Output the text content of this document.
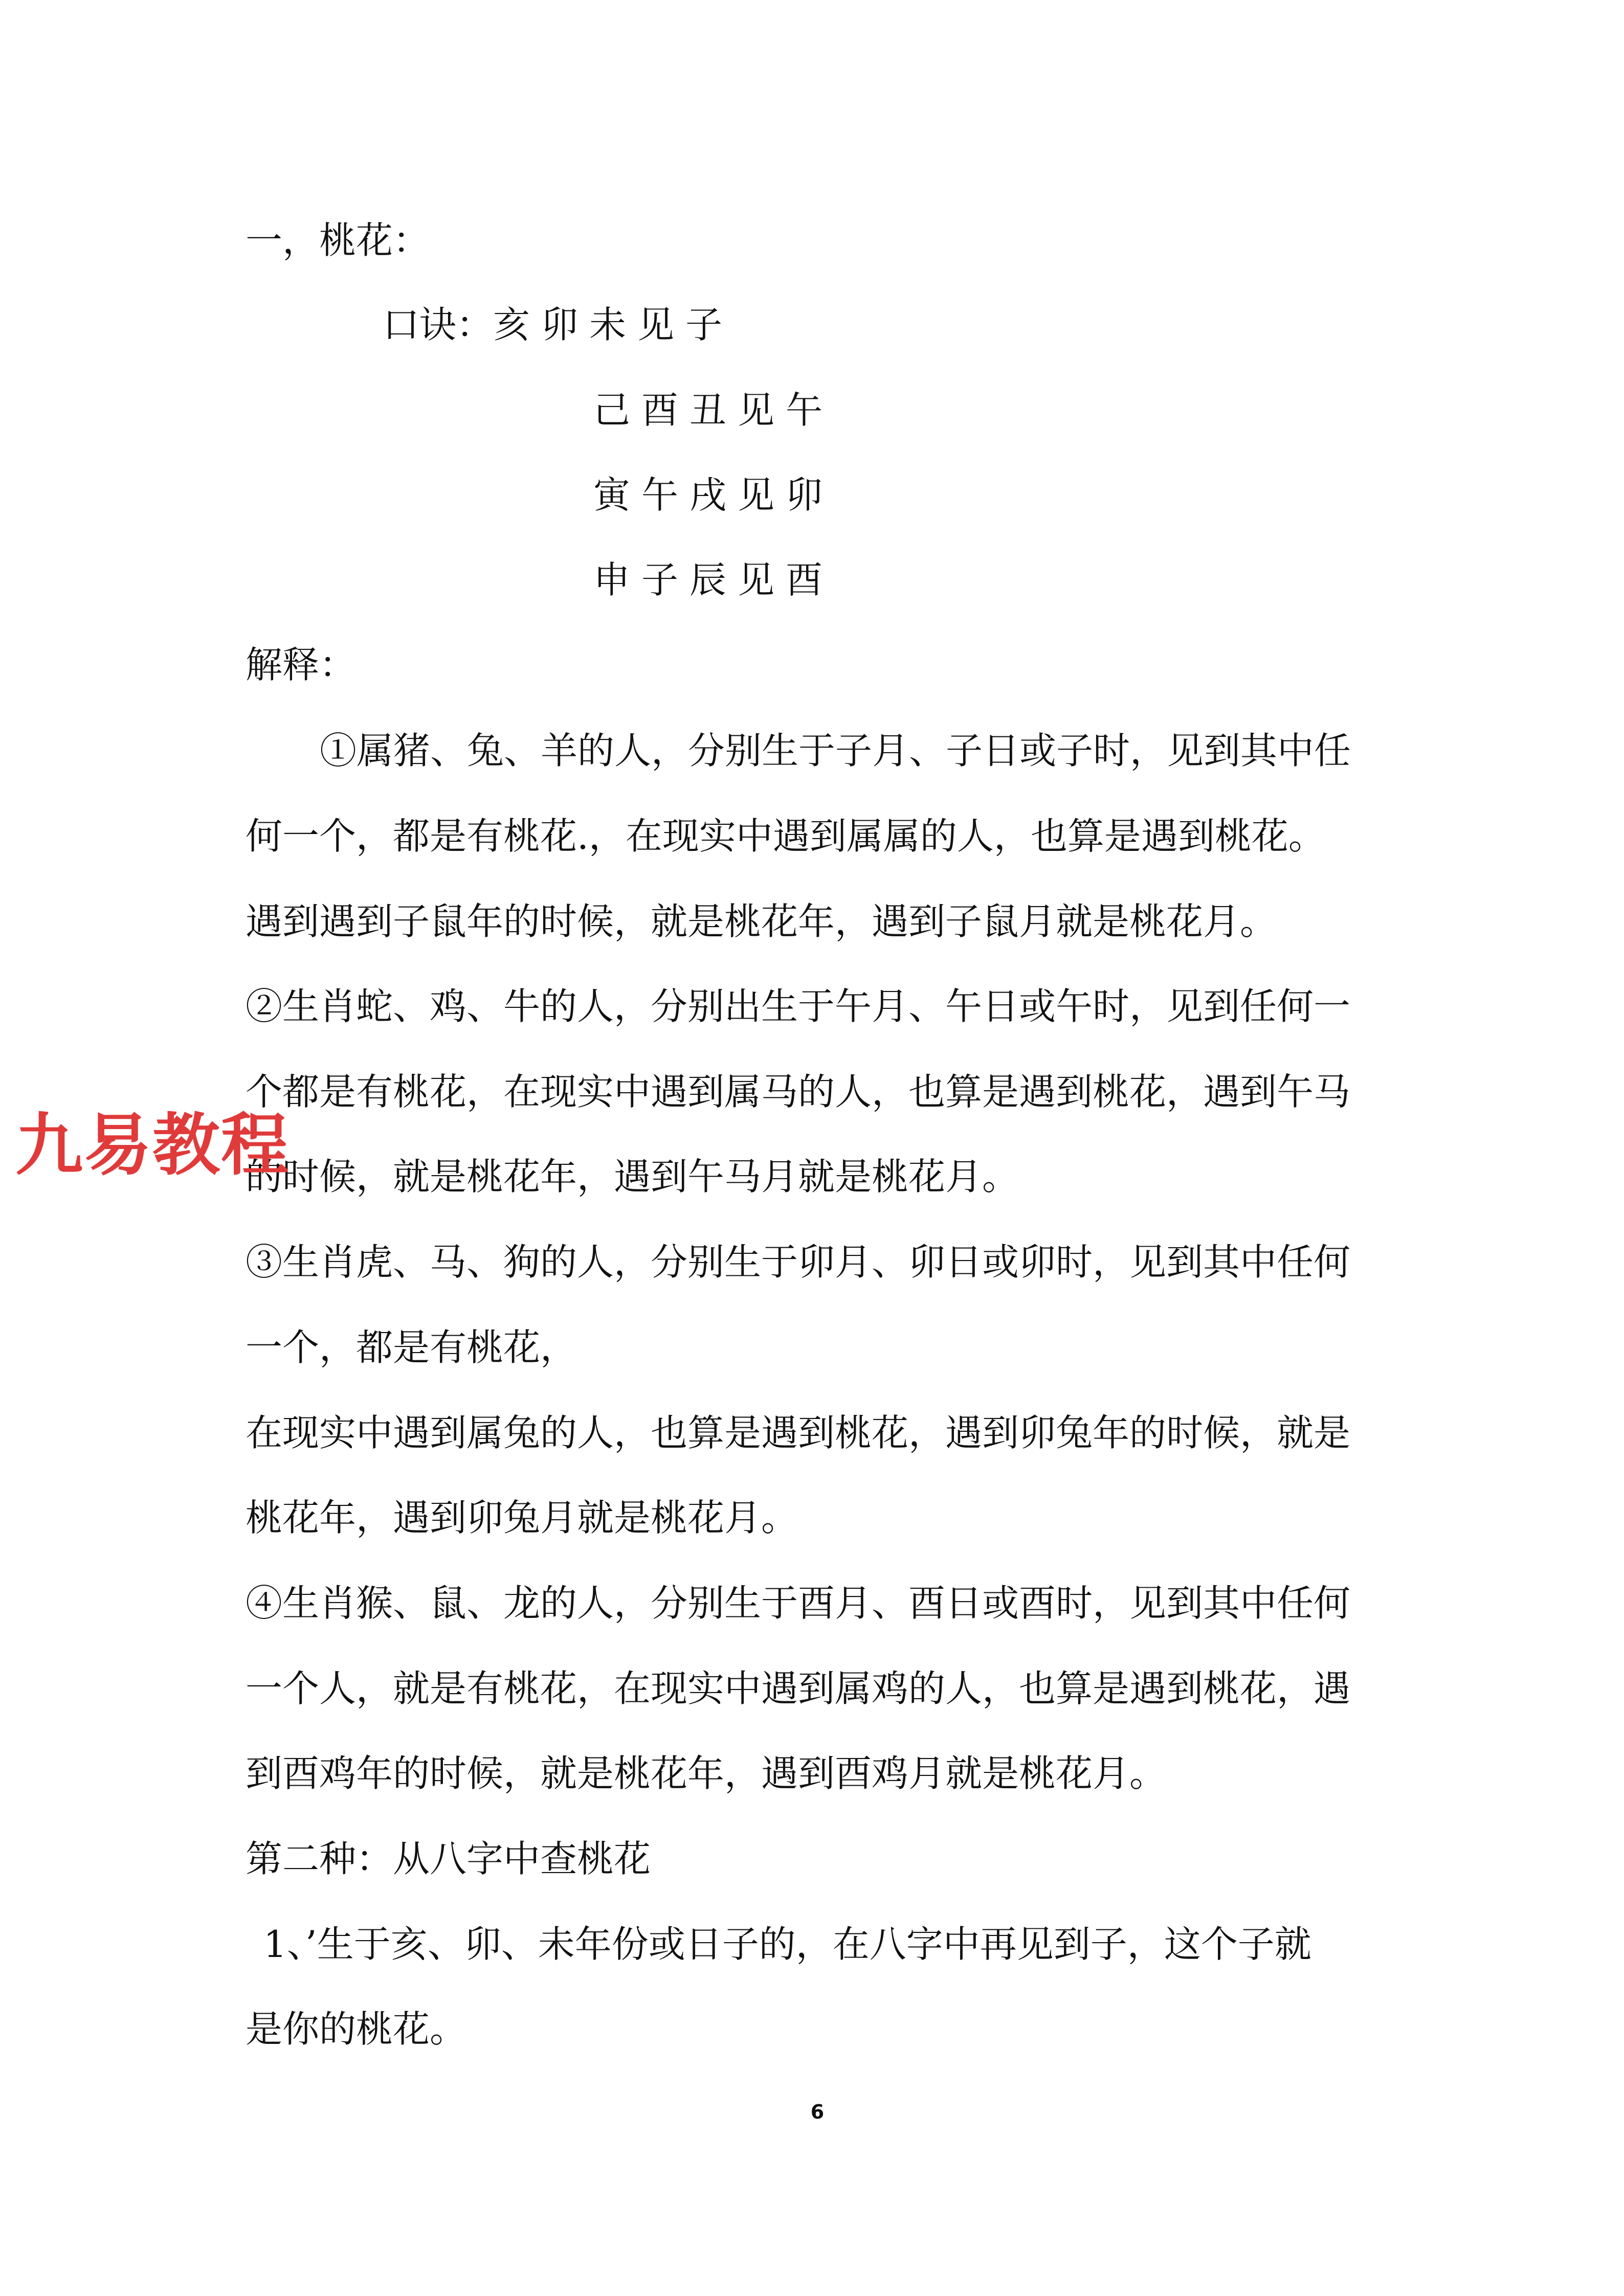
一，桃花：
口诀： 亥卯未见子
己酉丑见午
寅午戌见卯
申子辰见酉
解释：
①属猪、兔、羊的人，分别生于子月、子日或子时，见到其中任
何一个，都是有桃花.，在现实中遇到属属的人，也算是遇到桃花。
遇到遇到子鼠年的时候，就是桃花年，遇到子鼠月就是桃花月。
②生肖蛇、鸡、牛的人，分别出生于午月、午日或午时，见到任何一
个都是有桃花，在现实中遇到属马的人，也算是遇到桃花，遇到午马
的时候，就是桃花年，遇到午马月就是桃花月。
③生肖虎、马、狗的人，分别生于卯月、卯日或卯时，见到其中任何
一个，都是有桃花，
在现实中遇到属兔的人，也算是遇到桃花，遇到卯兔年的时候，就是
桃花年，遇到卯兔月就是桃花月。
④生肖猴、鼠、龙的人，分别生于酉月、酉日或酉时，见到其中任何
一个人，就是有桃花，在现实中遇到属鸡的人，也算是遇到桃花，遇
到酉鸡年的时候，就是桃花年，遇到酉鸡月就是桃花月。
第二种：从八字中查桃花
1、’生于亥、卯、未年份或日子的，在八字中再见到子，这个子就
是你的桃花。
6
九易教程
